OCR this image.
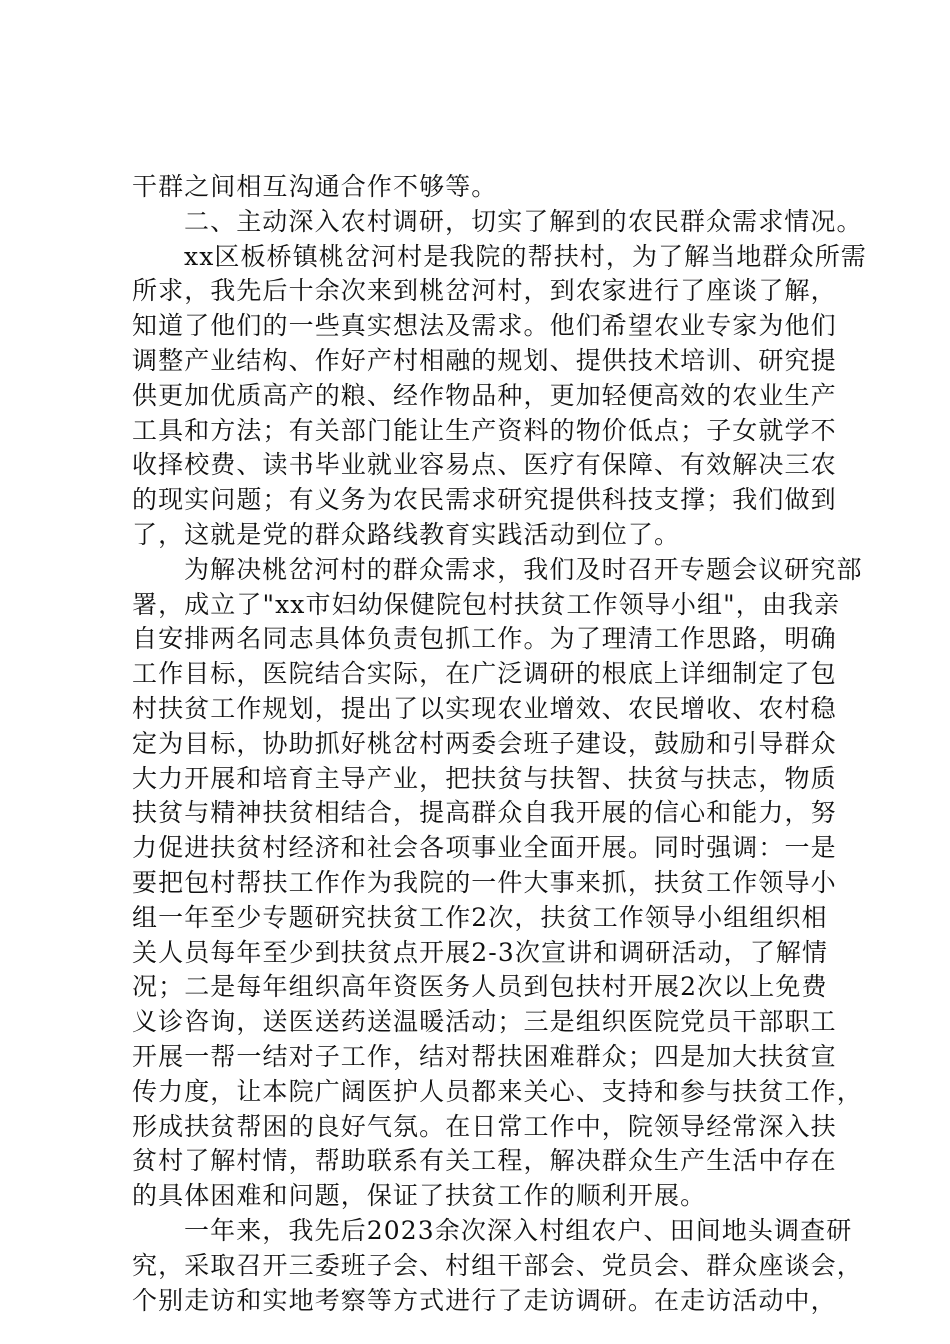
干群之间相互沟通合作不够等。
二、主动深入农村调研，切实了解到的农民群众需求情况。
xx区板桥镇桃岔河村是我院的帮扶村，为了解当地群众所需
所求，我先后十余次来到桃岔河村，到农家进行了座谈了解，
知道了他们的一些真实想法及需求。他们希望农业专家为他们
调整产业结构、作好产村相融的规划、提供技术培训、研究提
供更加优质高产的粮、经作物品种，更加轻便高效的农业生产
工具和方法；有关部门能让生产资料的物价低点；子女就学不
收择校费、读书毕业就业容易点、医疗有保障、有效解决三农
的现实问题；有义务为农民需求研究提供科技支撑；我们做到
了，这就是党的群众路线教育实践活动到位了。
为解决桃岔河村的群众需求，我们及时召开专题会议研究部
署，成立了"xx市妇幼保健院包村扶贫工作领导小组"，由我亲
自安排两名同志具体负责包抓工作。为了理清工作思路，明确
工作目标，医院结合实际，在广泛调研的根底上详细制定了包
村扶贫工作规划，提出了以实现农业增效、农民增收、农村稳
定为目标，协助抓好桃岔村两委会班子建设，鼓励和引导群众
大力开展和培育主导产业，把扶贫与扶智、扶贫与扶志，物质
扶贫与精神扶贫相结合，提高群众自我开展的信心和能力，努
力促进扶贫村经济和社会各项事业全面开展。同时强调：一是
要把包村帮扶工作作为我院的一件大事来抓，扶贫工作领导小
组一年至少专题研究扶贫工作2次，扶贫工作领导小组组织相
关人员每年至少到扶贫点开展2-3次宣讲和调研活动，了解情
况；二是每年组织高年资医务人员到包扶村开展2次以上免费
义诊咨询，送医送药送温暖活动；三是组织医院党员干部职工
开展一帮一结对子工作，结对帮扶困难群众；四是加大扶贫宣
传力度，让本院广阔医护人员都来关心、支持和参与扶贫工作，
形成扶贫帮困的良好气氛。在日常工作中，院领导经常深入扶
贫村了解村情，帮助联系有关工程，解决群众生产生活中存在
的具体困难和问题，保证了扶贫工作的顺利开展。
一年来，我先后2023余次深入村组农户、田间地头调查研
究，采取召开三委班子会、村组干部会、党员会、群众座谈会，
个别走访和实地考察等方式进行了走访调研。在走访活动中，
